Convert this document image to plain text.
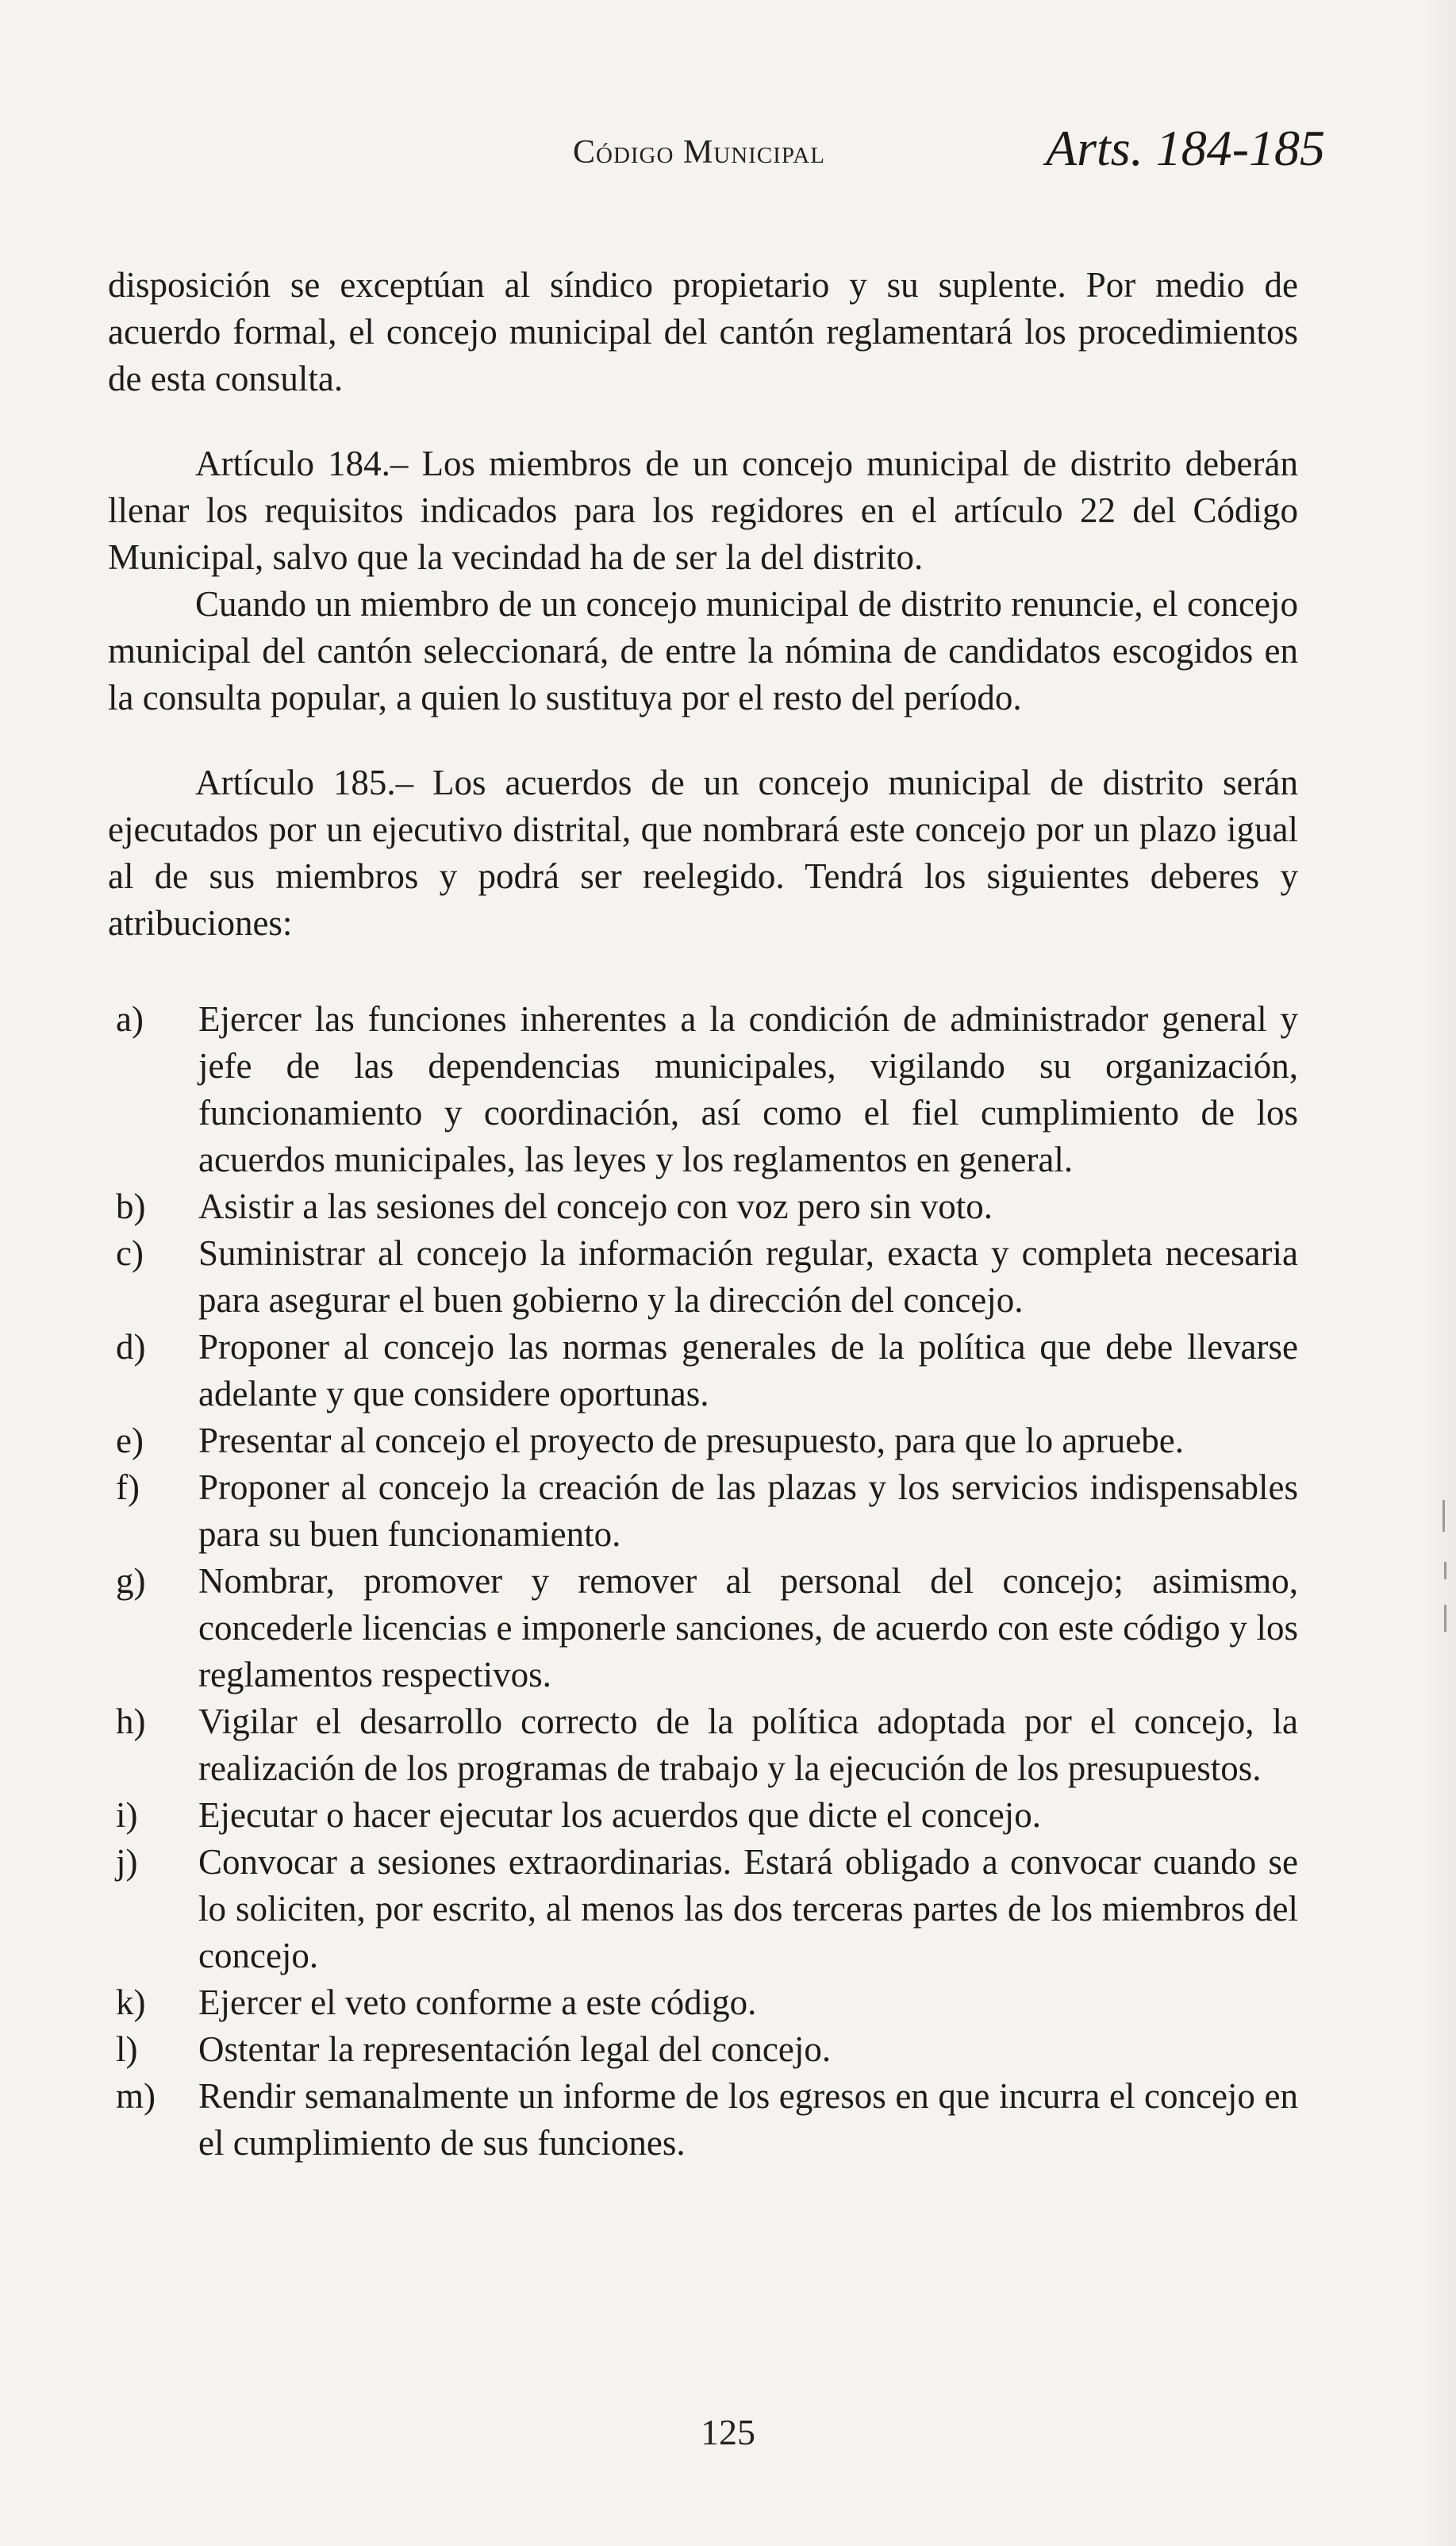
Código Municipal	Arts. 184-185

disposición se exceptúan al síndico propietario y su suplente. Por medio de acuerdo formal, el concejo municipal del cantón reglamentará los procedimientos de esta consulta.

Artículo 184.– Los miembros de un concejo municipal de distrito deberán llenar los requisitos indicados para los regidores en el artículo 22 del Código Municipal, salvo que la vecindad ha de ser la del distrito.

Cuando un miembro de un concejo municipal de distrito renuncie, el concejo municipal del cantón seleccionará, de entre la nómina de candidatos escogidos en la consulta popular, a quien lo sustituya por el resto del período.

Artículo 185.– Los acuerdos de un concejo municipal de distrito serán ejecutados por un ejecutivo distrital, que nombrará este concejo por un plazo igual al de sus miembros y podrá ser reelegido. Tendrá los siguientes deberes y atribuciones:

a) Ejercer las funciones inherentes a la condición de administrador general y jefe de las dependencias municipales, vigilando su organización, funcionamiento y coordinación, así como el fiel cumplimiento de los acuerdos municipales, las leyes y los reglamentos en general.
b) Asistir a las sesiones del concejo con voz pero sin voto.
c) Suministrar al concejo la información regular, exacta y completa necesaria para asegurar el buen gobierno y la dirección del concejo.
d) Proponer al concejo las normas generales de la política que debe llevarse adelante y que considere oportunas.
e) Presentar al concejo el proyecto de presupuesto, para que lo apruebe.
f) Proponer al concejo la creación de las plazas y los servicios indispensables para su buen funcionamiento.
g) Nombrar, promover y remover al personal del concejo; asimismo, concederle licencias e imponerle sanciones, de acuerdo con este código y los reglamentos respectivos.
h) Vigilar el desarrollo correcto de la política adoptada por el concejo, la realización de los programas de trabajo y la ejecución de los presupuestos.
i) Ejecutar o hacer ejecutar los acuerdos que dicte el concejo.
j) Convocar a sesiones extraordinarias. Estará obligado a convocar cuando se lo soliciten, por escrito, al menos las dos terceras partes de los miembros del concejo.
k) Ejercer el veto conforme a este código.
l) Ostentar la representación legal del concejo.
m) Rendir semanalmente un informe de los egresos en que incurra el concejo en el cumplimiento de sus funciones.
125
